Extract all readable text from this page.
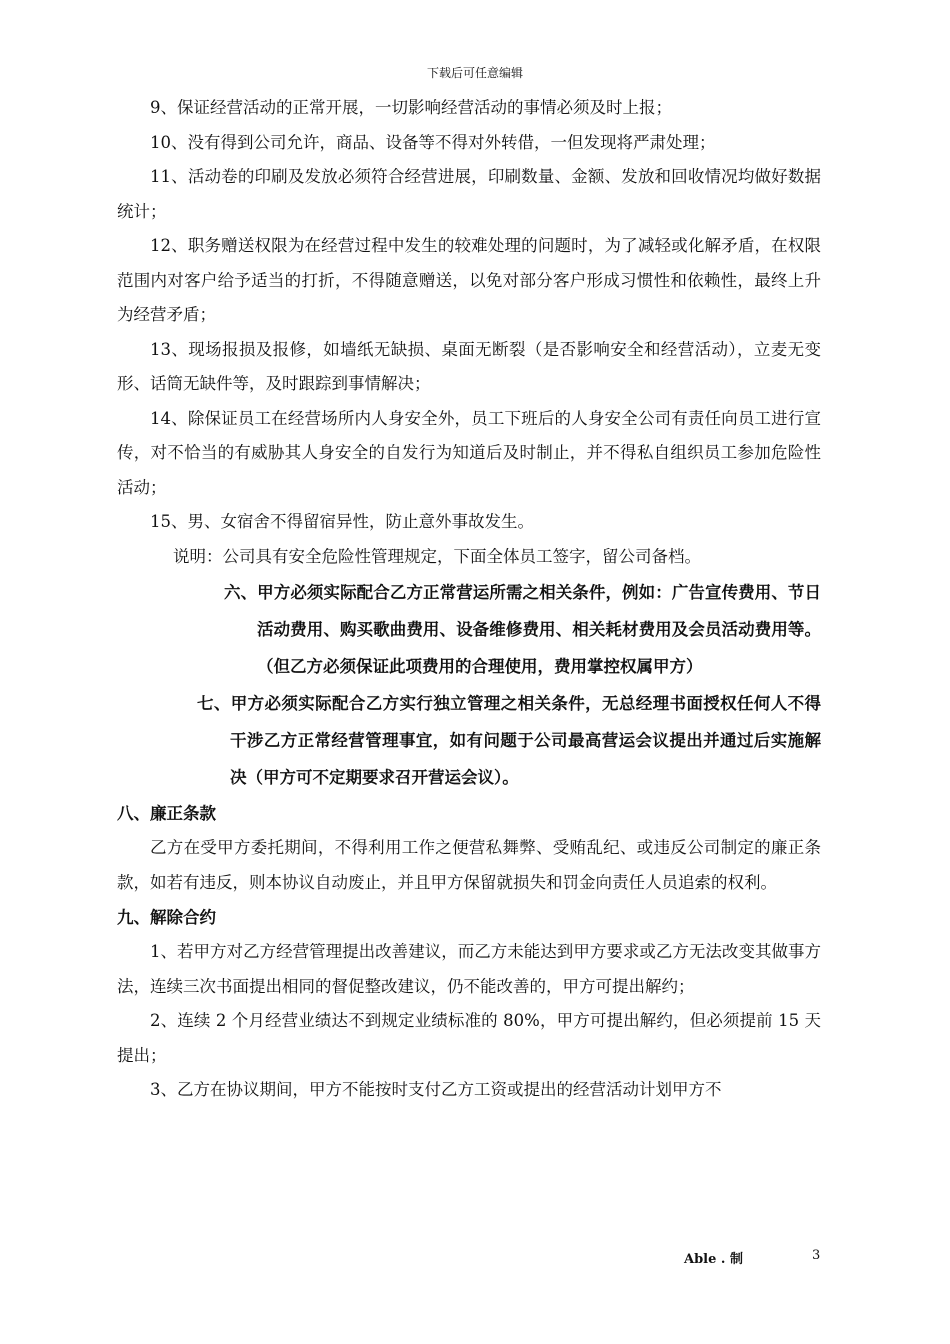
下载后可任意编辑

9、保证经营活动的正常开展，一切影响经营活动的事情必须及时上报；

10、没有得到公司允许，商品、设备等不得对外转借，一但发现将严肃处理；

11、活动卷的印刷及发放必须符合经营进展，印刷数量、金额、发放和回收情况均做好数据统计；

12、职务赠送权限为在经营过程中发生的较难处理的问题时，为了减轻或化解矛盾，在权限范围内对客户给予适当的打折，不得随意赠送，以免对部分客户形成习惯性和依赖性，最终上升为经营矛盾；

13、现场报损及报修，如墙纸无缺损、桌面无断裂（是否影响安全和经营活动），立麦无变形、话筒无缺件等，及时跟踪到事情解决；

14、除保证员工在经营场所内人身安全外，员工下班后的人身安全公司有责任向员工进行宣传，对不恰当的有威胁其人身安全的自发行为知道后及时制止，并不得私自组织员工参加危险性活动；

15、男、女宿舍不得留宿异性，防止意外事故发生。

说明：公司具有安全危险性管理规定，下面全体员工签字，留公司备档。

六、甲方必须实际配合乙方正常营运所需之相关条件，例如：广告宣传费用、节日活动费用、购买歌曲费用、设备维修费用、相关耗材费用及会员活动费用等。（但乙方必须保证此项费用的合理使用，费用掌控权属甲方）

七、甲方必须实际配合乙方实行独立管理之相关条件，无总经理书面授权任何人不得干涉乙方正常经营管理事宜，如有问题于公司最高营运会议提出并通过后实施解决（甲方可不定期要求召开营运会议）。

八、廉正条款

乙方在受甲方委托期间，不得利用工作之便营私舞弊、受贿乱纪、或违反公司制定的廉正条款，如若有违反，则本协议自动废止，并且甲方保留就损失和罚金向责任人员追索的权利。

九、解除合约

1、若甲方对乙方经营管理提出改善建议，而乙方未能达到甲方要求或乙方无法改变其做事方法，连续三次书面提出相同的督促整改建议，仍不能改善的，甲方可提出解约；

2、连续 2 个月经营业绩达不到规定业绩标准的 80%，甲方可提出解约，但必须提前 15 天提出；

3、乙方在协议期间，甲方不能按时支付乙方工资或提出的经营活动计划甲方不

Able . 制	3
